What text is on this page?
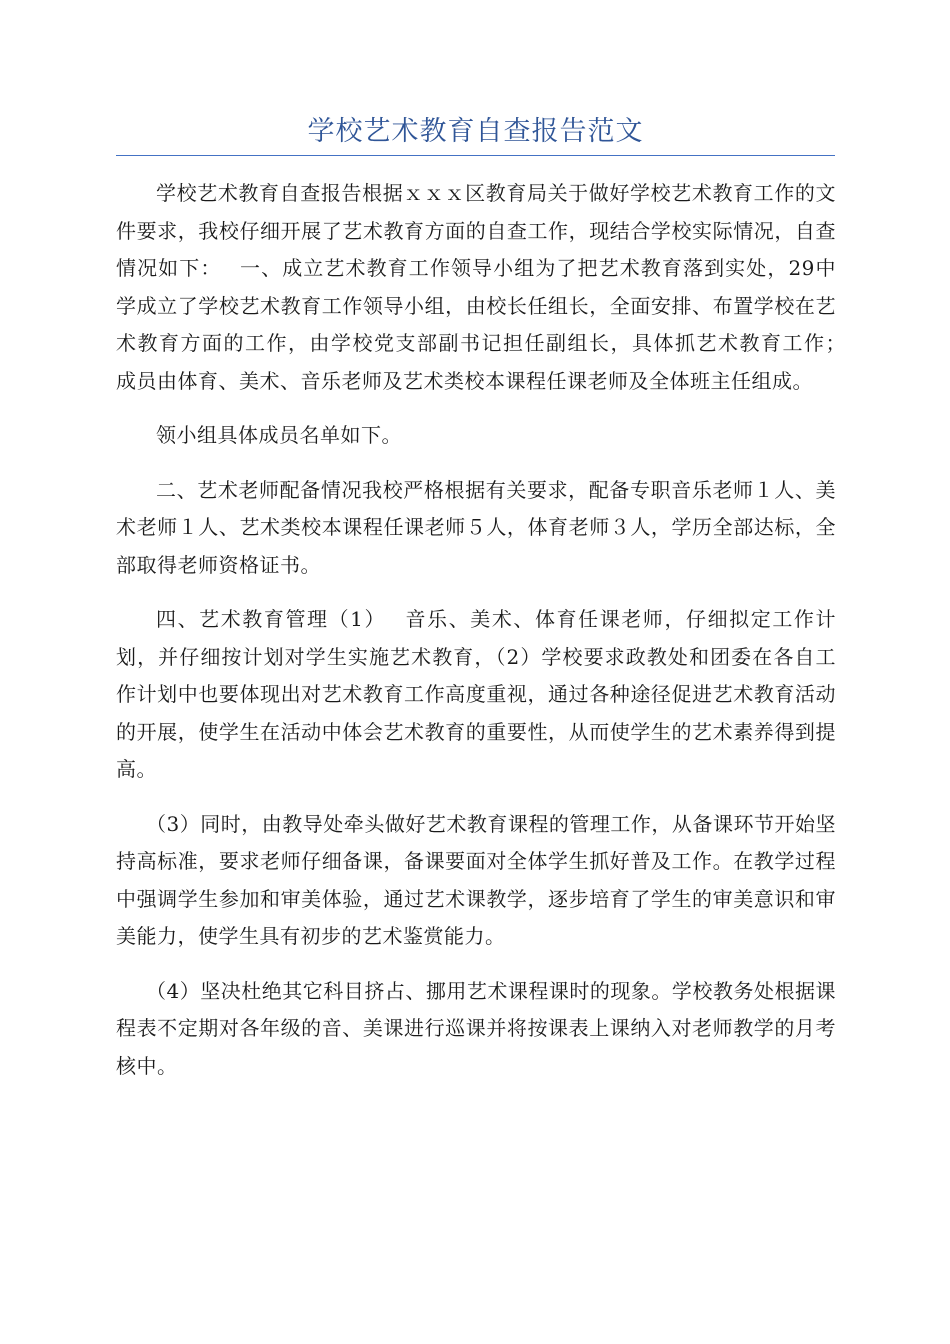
学校艺术教育自查报告范文

学校艺术教育自查报告根据ｘｘｘ区教育局关于做好学校艺术教育工作的文件要求，我校仔细开展了艺术教育方面的自查工作，现结合学校实际情况，自查情况如下：　 一、成立艺术教育工作领导小组为了把艺术教育落到实处，29中学成立了学校艺术教育工作领导小组，由校长任组长，全面安排、布置学校在艺术教育方面的工作，由学校党支部副书记担任副组长，具体抓艺术教育工作；　 成员由体育、美术、音乐老师及艺术类校本课程任课老师及全体班主任组成。

领小组具体成员名单如下。

二、艺术老师配备情况我校严格根据有关要求，配备专职音乐老师１人、美术老师１人、艺术类校本课程任课老师５人，体育老师３人，学历全部达标，全部取得老师资格证书。

四、艺术教育管理（1）　 音乐、美术、体育任课老师，仔细拟定工作计划，并仔细按计划对学生实施艺术教育，（2）学校要求政教处和团委在各自工作计划中也要体现出对艺术教育工作高度重视，通过各种途径促进艺术教育活动的开展，使学生在活动中体会艺术教育的重要性，从而使学生的艺术素养得到提高。

（3）同时，由教导处牵头做好艺术教育课程的管理工作，从备课环节开始坚持高标准，要求老师仔细备课，备课要面对全体学生抓好普及工作。在教学过程中强调学生参加和审美体验，通过艺术课教学，逐步培育了学生的审美意识和审美能力，使学生具有初步的艺术鉴赏能力。

（4）坚决杜绝其它科目挤占、挪用艺术课程课时的现象。学校教务处根据课程表不定期对各年级的音、美课进行巡课并将按课表上课纳入对老师教学的月考核中。
